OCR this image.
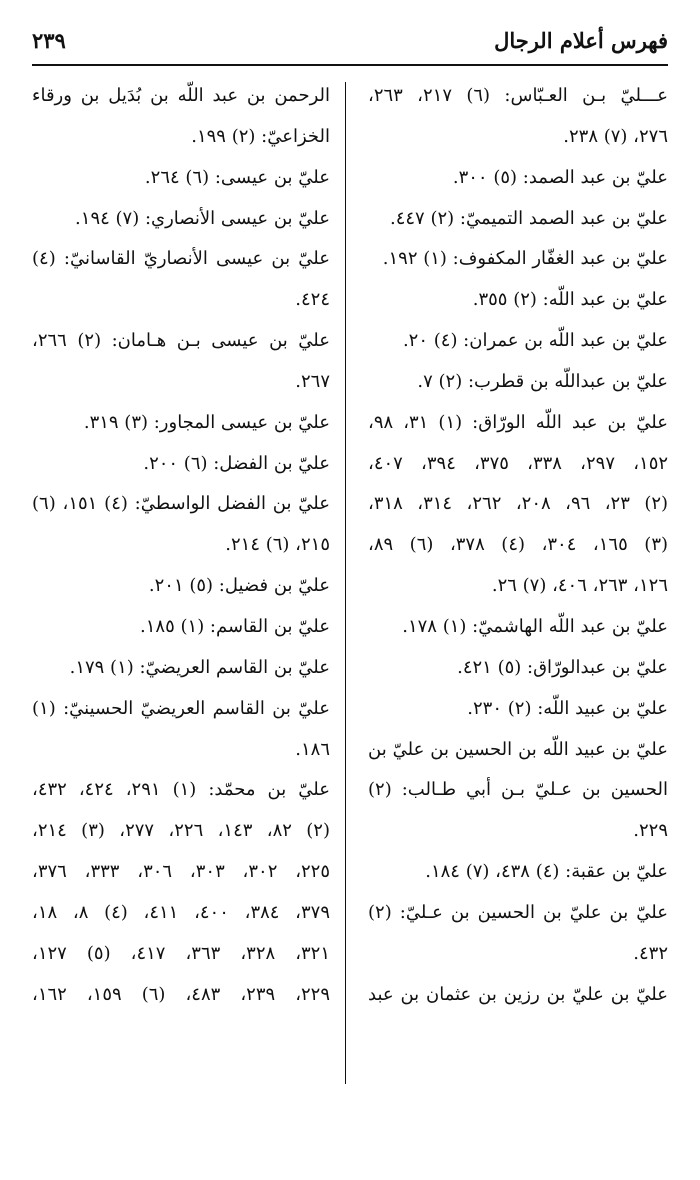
فهرس أعلام الرجال
٢٣٩
عـــليّ بـن العـبّاس: (٦) ٢١٧، ٢٦٣،
٢٧٦، (٧) ٢٣٨.
عليّ بن عبد الصمد: (٥) ٣٠٠.
عليّ بن عبد الصمد التميميّ: (٢) ٤٤٧.
عليّ بن عبد الغفّار المكفوف: (١) ١٩٢.
عليّ بن عبد اللّه: (٢) ٣٥٥.
عليّ بن عبد اللّه بن عمران: (٤) ٢٠.
عليّ بن عبداللّه بن قطرب: (٢) ٧.
عليّ بن عبد اللّه الورّاق: (١) ٣١، ٩٨،
١٥٢، ٢٩٧، ٣٣٨، ٣٧٥، ٣٩٤، ٤٠٧،
(٢) ٢٣، ٩٦، ٢٠٨، ٢٦٢، ٣١٤، ٣١٨،
(٣) ١٦٥، ٣٠٤، (٤) ٣٧٨، (٦) ٨٩،
١٢٦، ٢٦٣، ٤٠٦، (٧) ٢٦.
عليّ بن عبد اللّه الهاشميّ: (١) ١٧٨.
عليّ بن عبدالورّاق: (٥) ٤٢١.
عليّ بن عبيد اللّه: (٢) ٢٣٠.
عليّ بن عبيد اللّه بن الحسين بن عليّ بن
الحسين بن عـليّ بـن أبي طـالب: (٢)
٢٢٩.
عليّ بن عقبة: (٤) ٤٣٨، (٧) ١٨٤.
عليّ بن عليّ بن الحسين بن عـليّ: (٢)
٤٣٢.
عليّ بن عليّ بن رزين بن عثمان بن عبد
الرحمن بن عبد اللّه بن بُدَيل بن ورقاء
الخزاعيّ: (٢) ١٩٩.
عليّ بن عيسى: (٦) ٢٦٤.
عليّ بن عيسى الأنصاري: (٧) ١٩٤.
عليّ بن عيسى الأنصاريّ القاسانيّ: (٤)
٤٢٤.
عليّ بن عيسى بـن هـامان: (٢) ٢٦٦،
٢٦٧.
عليّ بن عيسى المجاور: (٣) ٣١٩.
عليّ بن الفضل: (٦) ٢٠٠.
عليّ بن الفضل الواسطيّ: (٤) ١٥١، (٦)
٢١٥، (٦) ٢١٤.
عليّ بن فضيل: (٥) ٢٠١.
عليّ بن القاسم: (١) ١٨٥.
عليّ بن القاسم العريضيّ: (١) ١٧٩.
عليّ بن القاسم العريضيّ الحسينيّ: (١)
١٨٦.
عليّ بن محمّد: (١) ٢٩١، ٤٢٤، ٤٣٢،
(٢) ٨٢، ١٤٣، ٢٢٦، ٢٧٧، (٣) ٢١٤،
٢٢٥، ٣٠٢، ٣٠٣، ٣٠٦، ٣٣٣، ٣٧٦،
٣٧٩، ٣٨٤، ٤٠٠، ٤١١، (٤) ٨، ١٨،
٣٢١، ٣٢٨، ٣٦٣، ٤١٧، (٥) ١٢٧،
٢٢٩، ٢٣٩، ٤٨٣، (٦) ١٥٩، ١٦٢،
